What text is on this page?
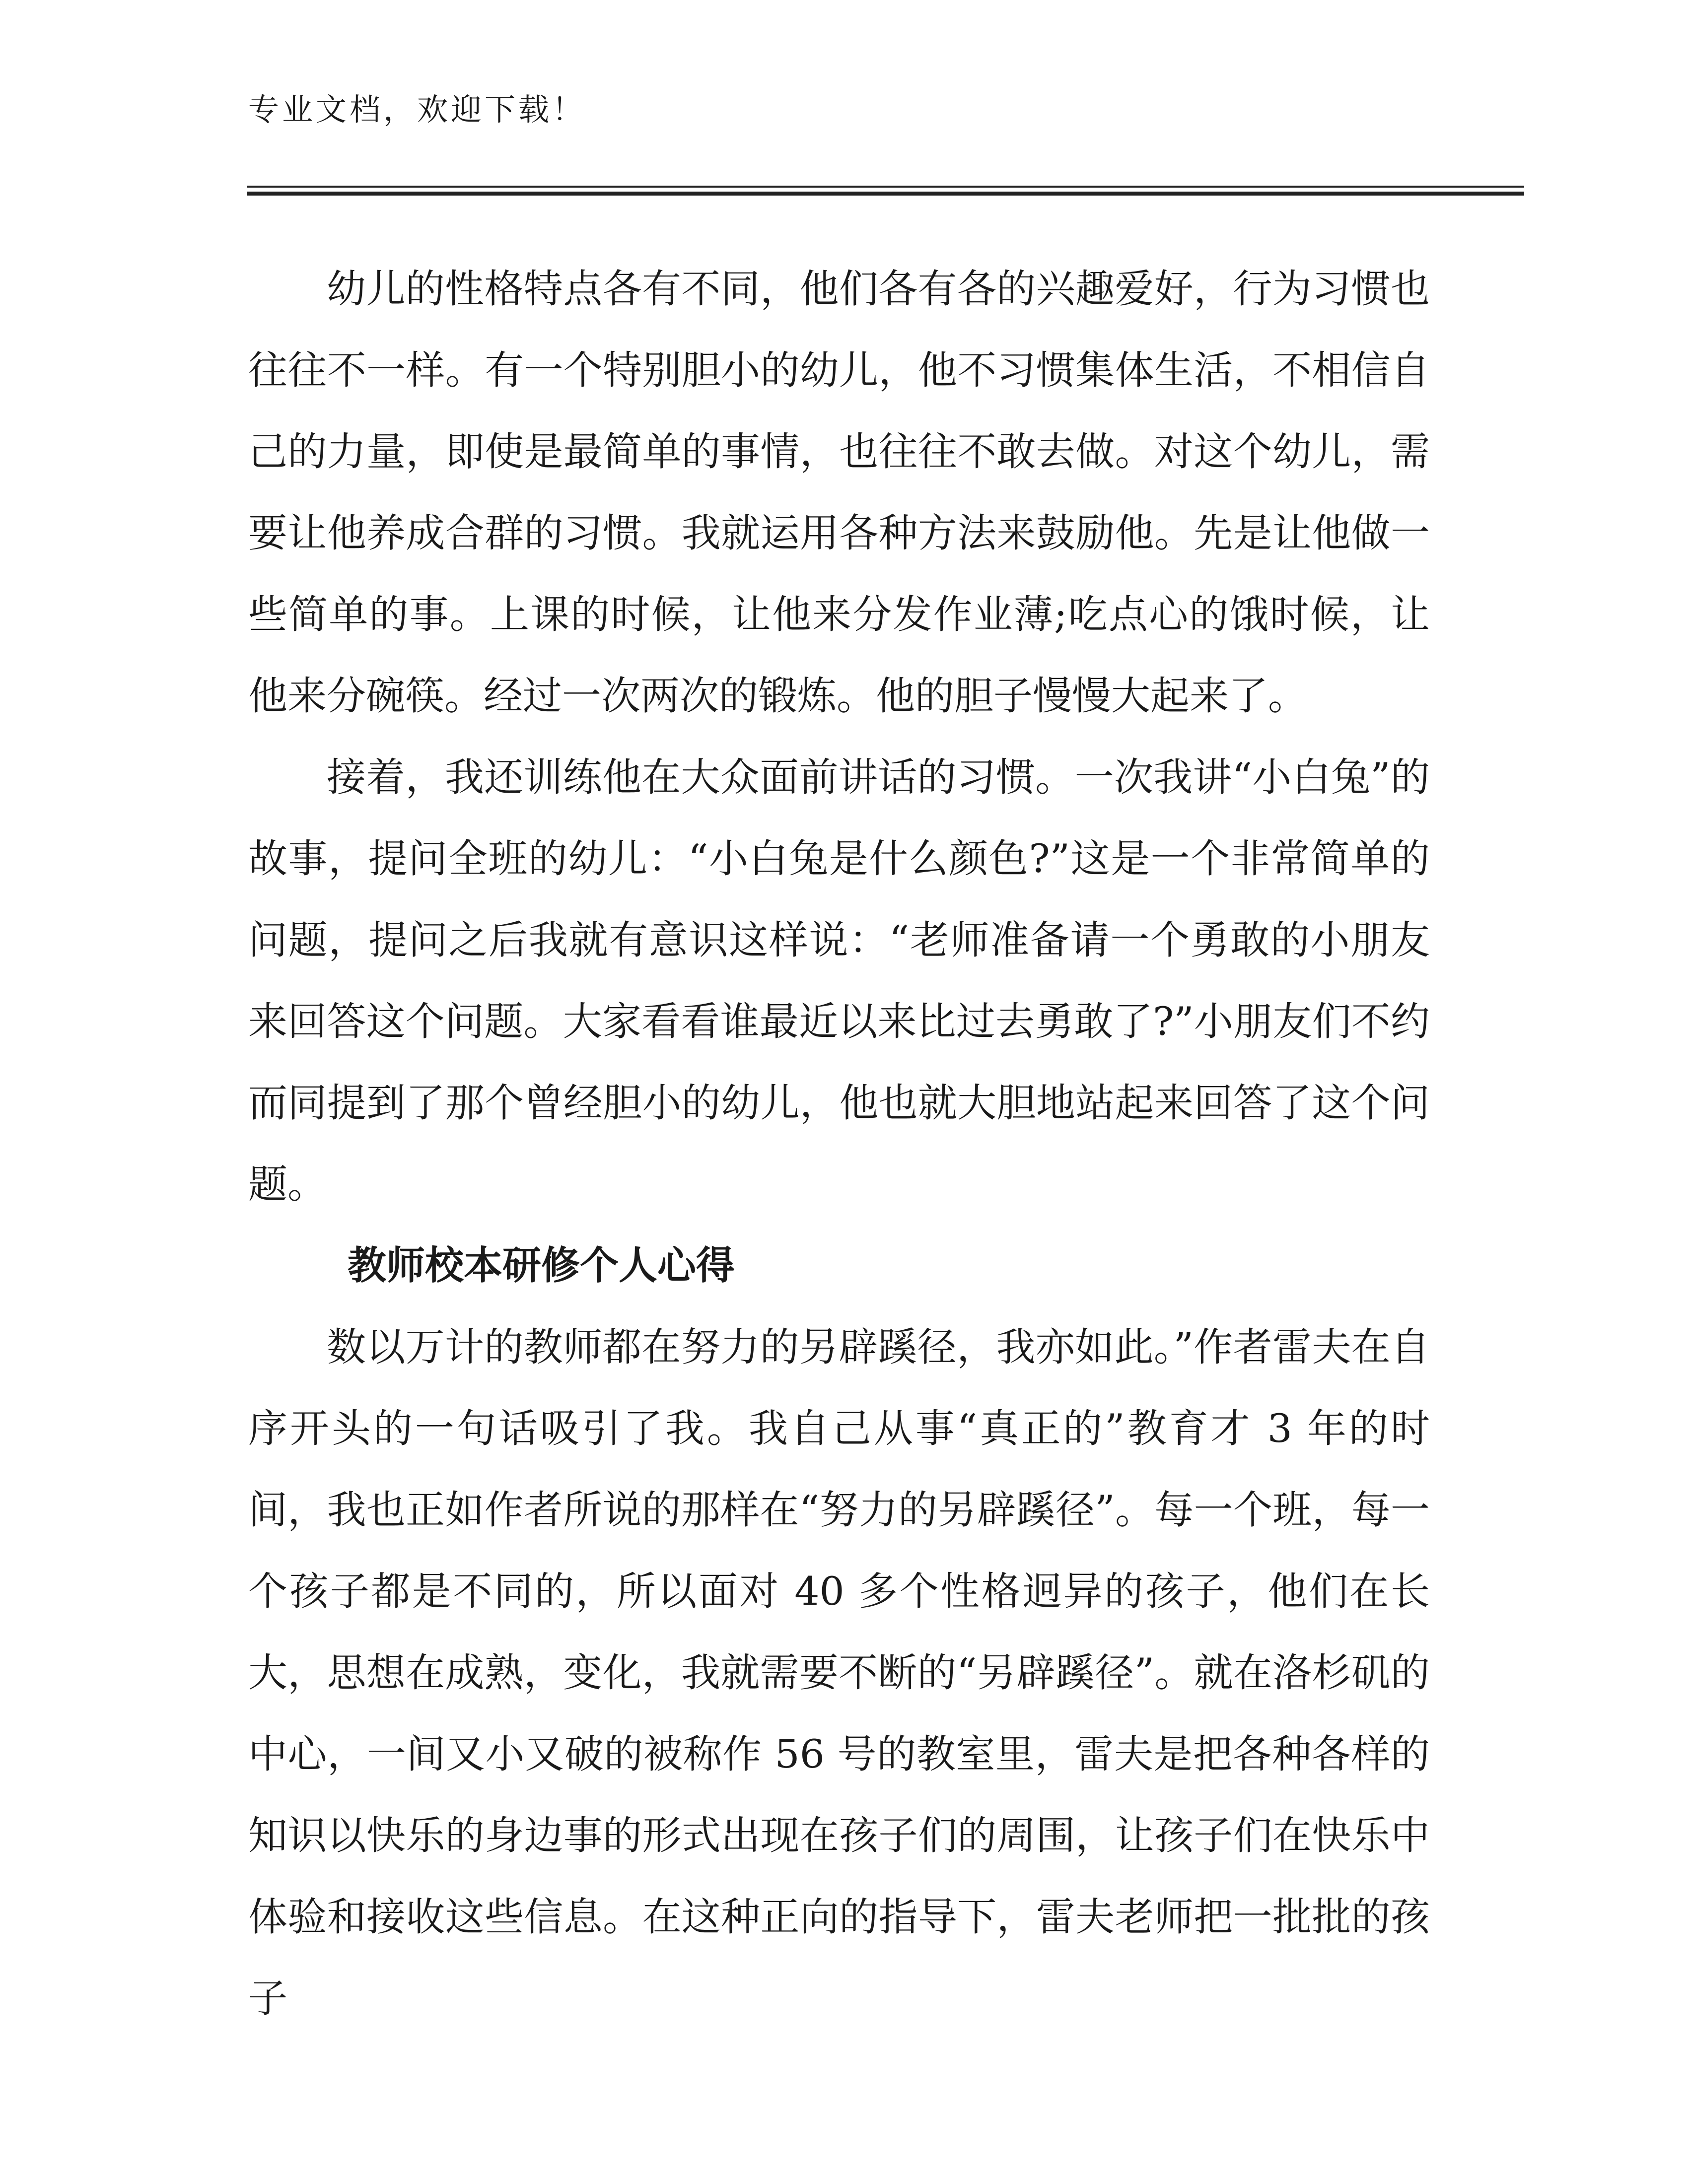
专业文档，欢迎下载！

幼儿的性格特点各有不同，他们各有各的兴趣爱好，行为习惯也往往不一样。有一个特别胆小的幼儿，他不习惯集体生活，不相信自己的力量，即使是最简单的事情，也往往不敢去做。对这个幼儿，需要让他养成合群的习惯。我就运用各种方法来鼓励他。先是让他做一些简单的事。上课的时候，让他来分发作业薄;吃点心的饿时候，让他来分碗筷。经过一次两次的锻炼。他的胆子慢慢大起来了。

接着，我还训练他在大众面前讲话的习惯。一次我讲“小白兔”的故事，提问全班的幼儿：“小白兔是什么颜色?”这是一个非常简单的问题，提问之后我就有意识这样说：“老师准备请一个勇敢的小朋友来回答这个问题。大家看看谁最近以来比过去勇敢了?”小朋友们不约而同提到了那个曾经胆小的幼儿，他也就大胆地站起来回答了这个问题。

教师校本研修个人心得

数以万计的教师都在努力的另辟蹊径，我亦如此。”作者雷夫在自序开头的一句话吸引了我。我自己从事“真正的”教育才 3 年的时间，我也正如作者所说的那样在“努力的另辟蹊径”。每一个班，每一个孩子都是不同的，所以面对 40 多个性格迥异的孩子，他们在长大，思想在成熟，变化，我就需要不断的“另辟蹊径”。就在洛杉矶的中心，一间又小又破的被称作 56 号的教室里，雷夫是把各种各样的知识以快乐的身边事的形式出现在孩子们的周围，让孩子们在快乐中体验和接收这些信息。在这种正向的指导下，雷夫老师把一批批的孩子
